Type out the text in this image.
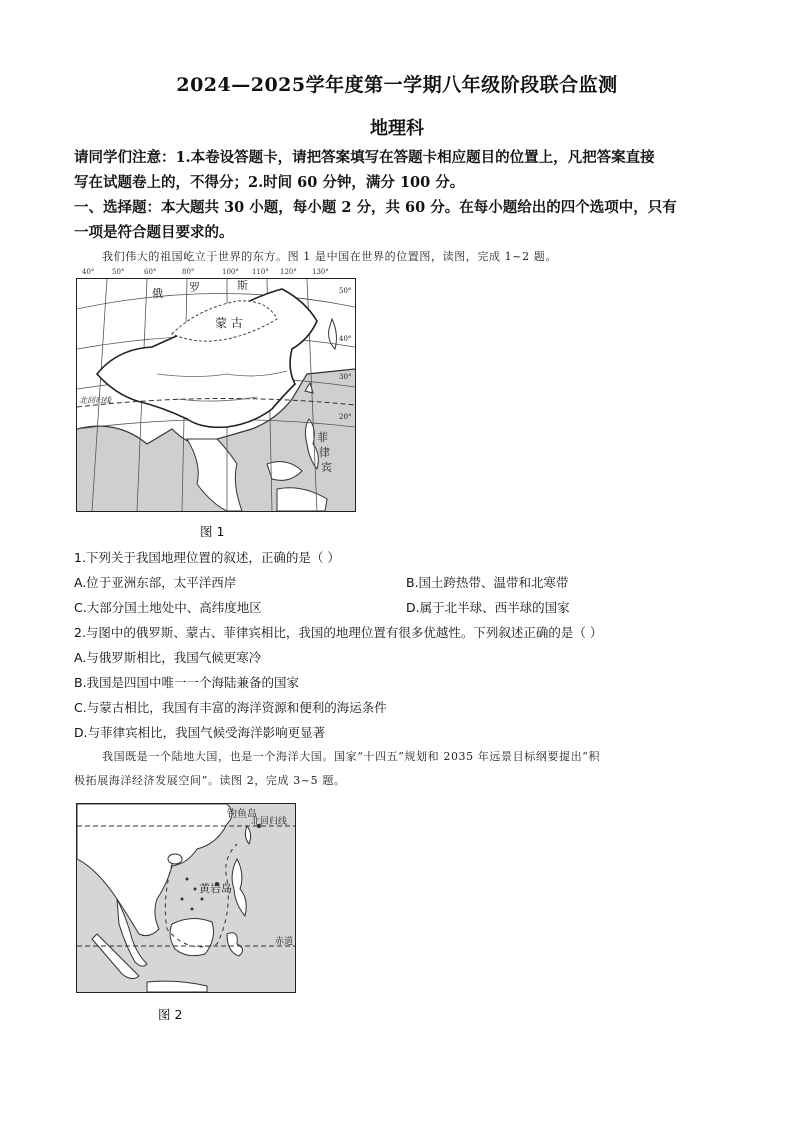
2024—2025学年度第一学期八年级阶段联合监测
地理科
请同学们注意：1.本卷设答题卡，请把答案填写在答题卡相应题目的位置上，凡把答案直接
写在试题卷上的，不得分；2.时间 60 分钟，满分 100 分。
一、选择题：本大题共 30 小题，每小题 2 分，共 60 分。在每小题给出的四个选项中，只有
一项是符合题目要求的。
我们伟大的祖国屹立于世界的东方。图 1 是中国在世界的位置图，读图，完成 1~2 题。
俄 罗	斯
蒙 古
北回归线
菲
律
宾
50°
40°
30°
20°
40°	50°	60°	80°	100° 110° 120° 130°
图 1
1.下列关于我国地理位置的叙述，正确的是（ ）
A.位于亚洲东部，太平洋西岸	B.国土跨热带、温带和北寒带
C.大部分国土地处中、高纬度地区	D.属于北半球、西半球的国家
2.与图中的俄罗斯、蒙古、菲律宾相比，我国的地理位置有很多优越性。下列叙述正确的是（ ）
A.与俄罗斯相比，我国气候更寒冷
B.我国是四国中唯一一个海陆兼备的国家
C.与蒙古相比，我国有丰富的海洋资源和便利的海运条件
D.与菲律宾相比，我国气候受海洋影响更显著
我国既是一个陆地大国，也是一个海洋大国。国家“十四五”规划和 2035 年远景目标纲要提出“积
极拓展海洋经济发展空间”。读图 2，完成 3~5 题。
钓鱼岛
北回归线
黄岩岛
赤道
图 2
